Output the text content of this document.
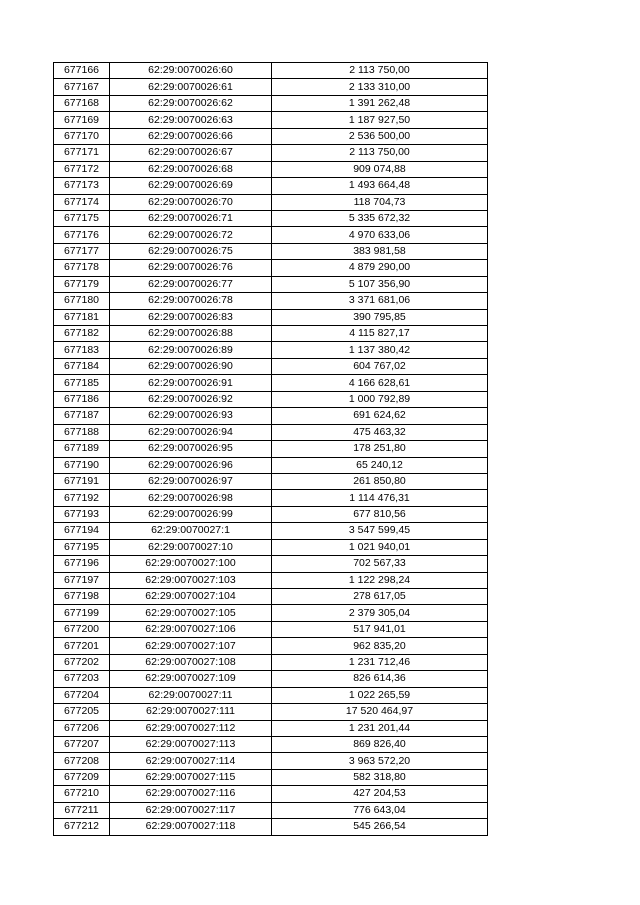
677166	62:29:0070026:60	2 113 750,00
677167	62:29:0070026:61	2 133 310,00
677168	62:29:0070026:62	1 391 262,48
677169	62:29:0070026:63	1 187 927,50
677170	62:29:0070026:66	2 536 500,00
677171	62:29:0070026:67	2 113 750,00
677172	62:29:0070026:68	909 074,88
677173	62:29:0070026:69	1 493 664,48
677174	62:29:0070026:70	118 704,73
677175	62:29:0070026:71	5 335 672,32
677176	62:29:0070026:72	4 970 633,06
677177	62:29:0070026:75	383 981,58
677178	62:29:0070026:76	4 879 290,00
677179	62:29:0070026:77	5 107 356,90
677180	62:29:0070026:78	3 371 681,06
677181	62:29:0070026:83	390 795,85
677182	62:29:0070026:88	4 115 827,17
677183	62:29:0070026:89	1 137 380,42
677184	62:29:0070026:90	604 767,02
677185	62:29:0070026:91	4 166 628,61
677186	62:29:0070026:92	1 000 792,89
677187	62:29:0070026:93	691 624,62
677188	62:29:0070026:94	475 463,32
677189	62:29:0070026:95	178 251,80
677190	62:29:0070026:96	65 240,12
677191	62:29:0070026:97	261 850,80
677192	62:29:0070026:98	1 114 476,31
677193	62:29:0070026:99	677 810,56
677194	62:29:0070027:1	3 547 599,45
677195	62:29:0070027:10	1 021 940,01
677196	62:29:0070027:100	702 567,33
677197	62:29:0070027:103	1 122 298,24
677198	62:29:0070027:104	278 617,05
677199	62:29:0070027:105	2 379 305,04
677200	62:29:0070027:106	517 941,01
677201	62:29:0070027:107	962 835,20
677202	62:29:0070027:108	1 231 712,46
677203	62:29:0070027:109	826 614,36
677204	62:29:0070027:11	1 022 265,59
677205	62:29:0070027:111	17 520 464,97
677206	62:29:0070027:112	1 231 201,44
677207	62:29:0070027:113	869 826,40
677208	62:29:0070027:114	3 963 572,20
677209	62:29:0070027:115	582 318,80
677210	62:29:0070027:116	427 204,53
677211	62:29:0070027:117	776 643,04
677212	62:29:0070027:118	545 266,54
